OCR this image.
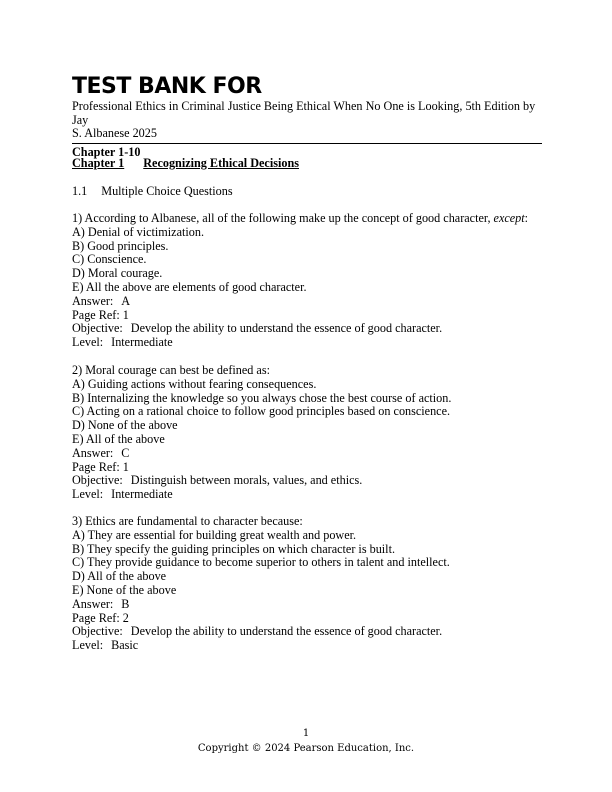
TEST BANK FOR
Professional Ethics in Criminal Justice Being Ethical When No One is Looking, 5th Edition by Jay
S. Albanese 2025
Chapter 1-10
Chapter 1 Recognizing Ethical Decisions
1.1 Multiple Choice Questions
1) According to Albanese, all of the following make up the concept of good character, except:
A) Denial of victimization.
B) Good principles.
C) Conscience.
D) Moral courage.
E) All the above are elements of good character.
Answer: A
Page Ref: 1
Objective: Develop the ability to understand the essence of good character.
Level: Intermediate
2) Moral courage can best be defined as:
A) Guiding actions without fearing consequences.
B) Internalizing the knowledge so you always chose the best course of action.
C) Acting on a rational choice to follow good principles based on conscience.
D) None of the above
E) All of the above
Answer: C
Page Ref: 1
Objective: Distinguish between morals, values, and ethics.
Level: Intermediate
3) Ethics are fundamental to character because:
A) They are essential for building great wealth and power.
B) They specify the guiding principles on which character is built.
C) They provide guidance to become superior to others in talent and intellect.
D) All of the above
E) None of the above
Answer: B
Page Ref: 2
Objective: Develop the ability to understand the essence of good character.
Level: Basic
1
Copyright © 2024 Pearson Education, Inc.
